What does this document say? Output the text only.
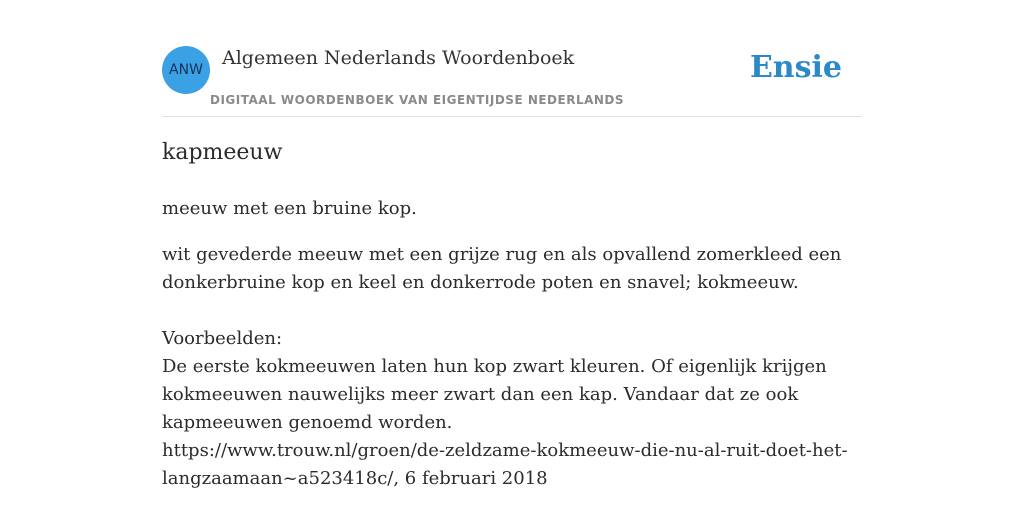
ANW
Algemeen Nederlands Woordenboek
DIGITAAL WOORDENBOEK VAN EIGENTIJDSE NEDERLANDS
Ensie
kapmeeuw

meeuw met een bruine kop.

wit gevederde meeuw met een grijze rug en als opvallend zomerkleed een donkerbruine kop en keel en donkerrode poten en snavel; kokmeeuw.

Voorbeelden:
De eerste kokmeeuwen laten hun kop zwart kleuren. Of eigenlijk krijgen kokmeeuwen nauwelijks meer zwart dan een kap. Vandaar dat ze ook kapmeeuwen genoemd worden.
https://www.trouw.nl/groen/de-zeldzame-kokmeeuw-die-nu-al-ruit-doet-het-langzaamaan~a523418c/, 6 februari 2018
